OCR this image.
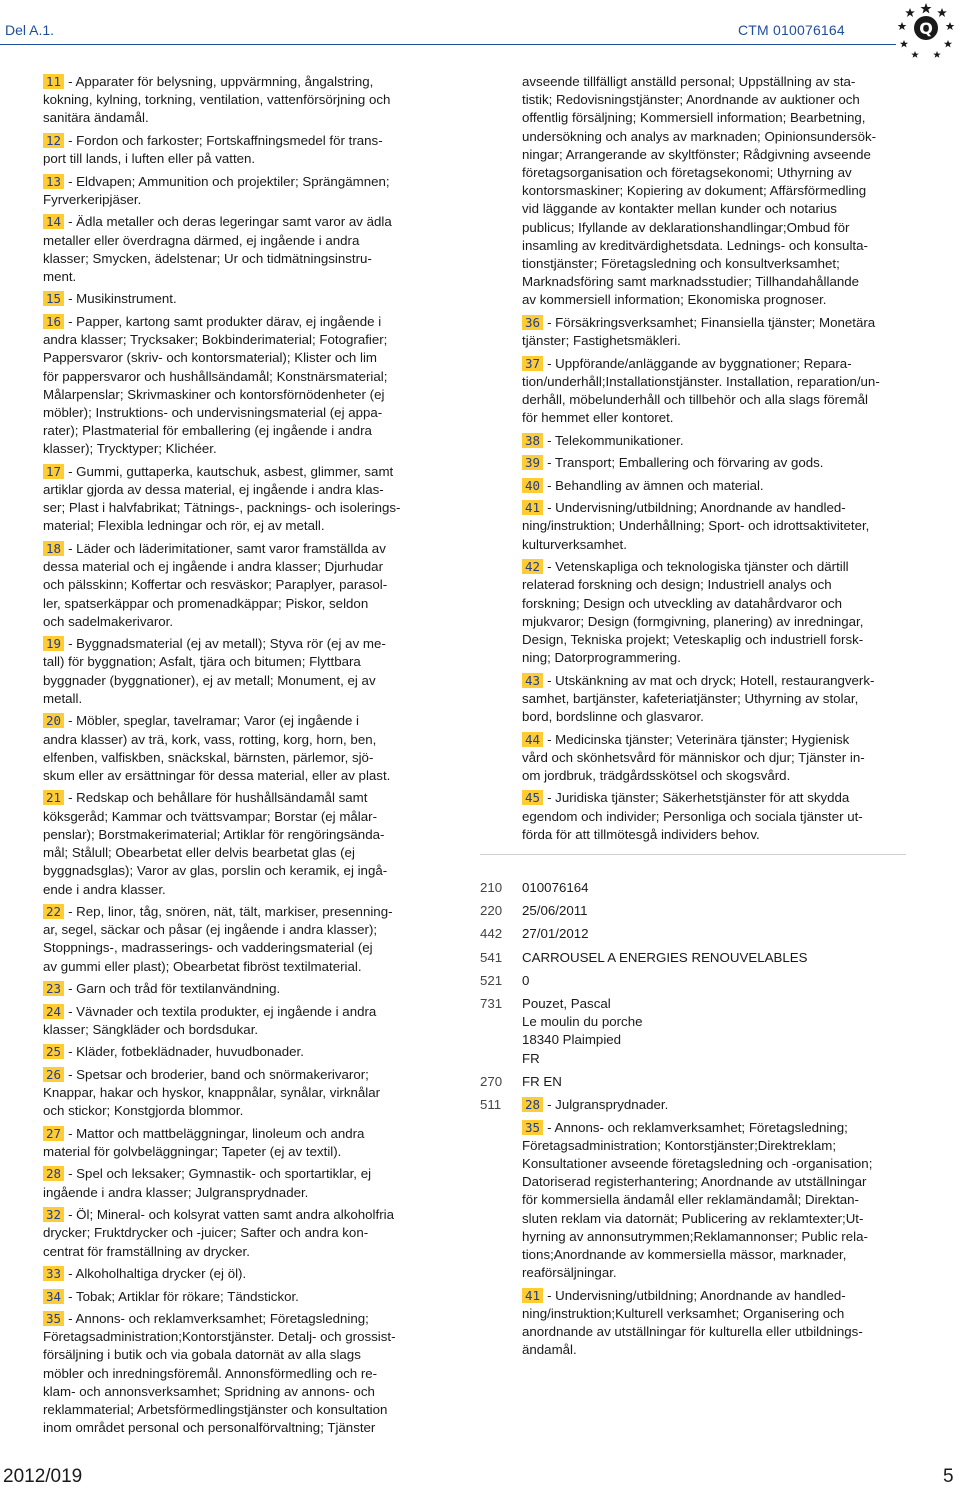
Del A.1.	CTM 010076164	Q

11 - Apparater för belysning, uppvärmning, ångalstring,
kokning, kylning, torkning, ventilation, vattenförsörjning och
sanitära ändamål.

12 - Fordon och farkoster; Fortskaffningsmedel för trans-
port till lands, i luften eller på vatten.

13 - Eldvapen; Ammunition och projektiler; Sprängämnen;
Fyrverkeripjäser.

14 - Ädla metaller och deras legeringar samt varor av ädla
metaller eller överdragna därmed, ej ingående i andra
klasser; Smycken, ädelstenar; Ur och tidmätningsinstru-
ment.

15 - Musikinstrument.

16 - Papper, kartong samt produkter därav, ej ingående i
andra klasser; Trycksaker; Bokbinderimaterial; Fotografier;
Pappersvaror (skriv- och kontorsmaterial); Klister och lim
för pappersvaror och hushållsändamål; Konstnärsmaterial;
Målarpenslar; Skrivmaskiner och kontorsförnödenheter (ej
möbler); Instruktions- och undervisningsmaterial (ej appa-
rater); Plastmaterial för emballering (ej ingående i andra
klasser); Trycktyper; Klichéer.

17 - Gummi, guttaperka, kautschuk, asbest, glimmer, samt
artiklar gjorda av dessa material, ej ingående i andra klas-
ser; Plast i halvfabrikat; Tätnings-, packnings- och isolerings-
material; Flexibla ledningar och rör, ej av metall.

18 - Läder och läderimitationer, samt varor framställda av
dessa material och ej ingående i andra klasser; Djurhudar
och pälsskinn; Koffertar och resväskor; Paraplyer, parasol-
ler, spatserkäppar och promenadkäppar; Piskor, seldon
och sadelmakerivaror.

19 - Byggnadsmaterial (ej av metall); Styva rör (ej av me-
tall) för byggnation; Asfalt, tjära och bitumen; Flyttbara
byggnader (byggnationer), ej av metall; Monument, ej av
metall.

20 - Möbler, speglar, tavelramar; Varor (ej ingående i
andra klasser) av trä, kork, vass, rotting, korg, horn, ben,
elfenben, valfiskben, snäckskal, bärnsten, pärlemor, sjö-
skum eller av ersättningar för dessa material, eller av plast.

21 - Redskap och behållare för hushållsändamål samt
köksgeråd; Kammar och tvättsvampar; Borstar (ej målar-
penslar); Borstmakerimaterial; Artiklar för rengöringsända-
mål; Stålull; Obearbetat eller delvis bearbetat glas (ej
byggnadsglas); Varor av glas, porslin och keramik, ej ingå-
ende i andra klasser.

22 - Rep, linor, tåg, snören, nät, tält, markiser, presenning-
ar, segel, säckar och påsar (ej ingående i andra klasser);
Stoppnings-, madrasserings- och vadderingsmaterial (ej
av gummi eller plast); Obearbetat fibröst textilmaterial.

23 - Garn och tråd för textilanvändning.

24 - Vävnader och textila produkter, ej ingående i andra
klasser; Sängkläder och bordsdukar.

25 - Kläder, fotbeklädnader, huvudbonader.

26 - Spetsar och broderier, band och snörmakerivaror;
Knappar, hakar och hyskor, knappnålar, synålar, virknålar
och stickor; Konstgjorda blommor.

27 - Mattor och mattbeläggningar, linoleum och andra
material för golvbeläggningar; Tapeter (ej av textil).

28 - Spel och leksaker; Gymnastik- och sportartiklar, ej
ingående i andra klasser; Julgransprydnader.

32 - Öl; Mineral- och kolsyrat vatten samt andra alkoholfria
drycker; Fruktdrycker och -juicer; Safter och andra kon-
centrat för framställning av drycker.

33 - Alkoholhaltiga drycker (ej öl).

34 - Tobak; Artiklar för rökare; Tändstickor.

35 - Annons- och reklamverksamhet; Företagsledning;
Företagsadministration;Kontorstjänster. Detalj- och grossist-
försäljning i butik och via gobala datornät av alla slags
möbler och inredningsföremål. Annonsförmedling och re-
klam- och annonsverksamhet; Spridning av annons- och
reklammaterial; Arbetsförmedlingstjänster och konsultation
inom området personal och personalförvaltning; Tjänster

avseende tillfälligt anställd personal; Uppställning av sta-
tistik; Redovisningstjänster; Anordnande av auktioner och
offentlig försäljning; Kommersiell information; Bearbetning,
undersökning och analys av marknaden; Opinionsundersök-
ningar; Arrangerande av skyltfönster; Rådgivning avseende
företagsorganisation och företagsekonomi; Uthyrning av
kontorsmaskiner; Kopiering av dokument; Affärsförmedling
vid läggande av kontakter mellan kunder och notarius
publicus; Ifyllande av deklarationshandlingar;Ombud för
insamling av kreditvärdighetsdata. Lednings- och konsulta-
tionstjänster; Företagsledning och konsultverksamhet;
Marknadsföring samt marknadsstudier; Tillhandahållande
av kommersiell information; Ekonomiska prognoser.

36 - Försäkringsverksamhet; Finansiella tjänster; Monetära
tjänster; Fastighetsmäkleri.

37 - Uppförande/anläggande av byggnationer; Repara-
tion/underhåll;Installationstjänster. Installation, reparation/un-
derhåll, möbelunderhåll och tillbehör och alla slags föremål
för hemmet eller kontoret.

38 - Telekommunikationer.

39 - Transport; Emballering och förvaring av gods.

40 - Behandling av ämnen och material.

41 - Undervisning/utbildning; Anordnande av handled-
ning/instruktion; Underhållning; Sport- och idrottsaktiviteter,
kulturverksamhet.

42 - Vetenskapliga och teknologiska tjänster och därtill
relaterad forskning och design; Industriell analys och
forskning; Design och utveckling av datahårdvaror och
mjukvaror; Design (formgivning, planering) av inredningar,
Design, Tekniska projekt; Veteskaplig och industriell forsk-
ning; Datorprogrammering.

43 - Utskänkning av mat och dryck; Hotell, restaurangverk-
samhet, bartjänster, kafeteriatjänster; Uthyrning av stolar,
bord, bordslinne och glasvaror.

44 - Medicinska tjänster; Veterinära tjänster; Hygienisk
vård och skönhetsvård för människor och djur; Tjänster in-
om jordbruk, trädgårdsskötsel och skogsvård.

45 - Juridiska tjänster; Säkerhetstjänster för att skydda
egendom och individer; Personliga och sociala tjänster ut-
förda för att tillmötesgå individers behov.

210	010076164
220	25/06/2011
442	27/01/2012
541	CARROUSEL A ENERGIES RENOUVELABLES
521	0
731	Pouzet, Pascal
Le moulin du porche
18340 Plaimpied
FR
270	FR EN
511	28 - Julgransprydnader.

35 - Annons- och reklamverksamhet; Företagsledning;
Företagsadministration; Kontorstjänster;Direktreklam;
Konsultationer avseende företagsledning och -organisation;
Datoriserad registerhantering; Anordnande av utställningar
för kommersiella ändamål eller reklamändamål; Direktan-
sluten reklam via datornät; Publicering av reklamtexter;Ut-
hyrning av annonsutrymmen;Reklamannonser; Public rela-
tions;Anordnande av kommersiella mässor, marknader,
reaförsäljningar.

41 - Undervisning/utbildning; Anordnande av handled-
ning/instruktion;Kulturell verksamhet; Organisering och
anordnande av utställningar för kulturella eller utbildnings-
ändamål.

2012/019	5
